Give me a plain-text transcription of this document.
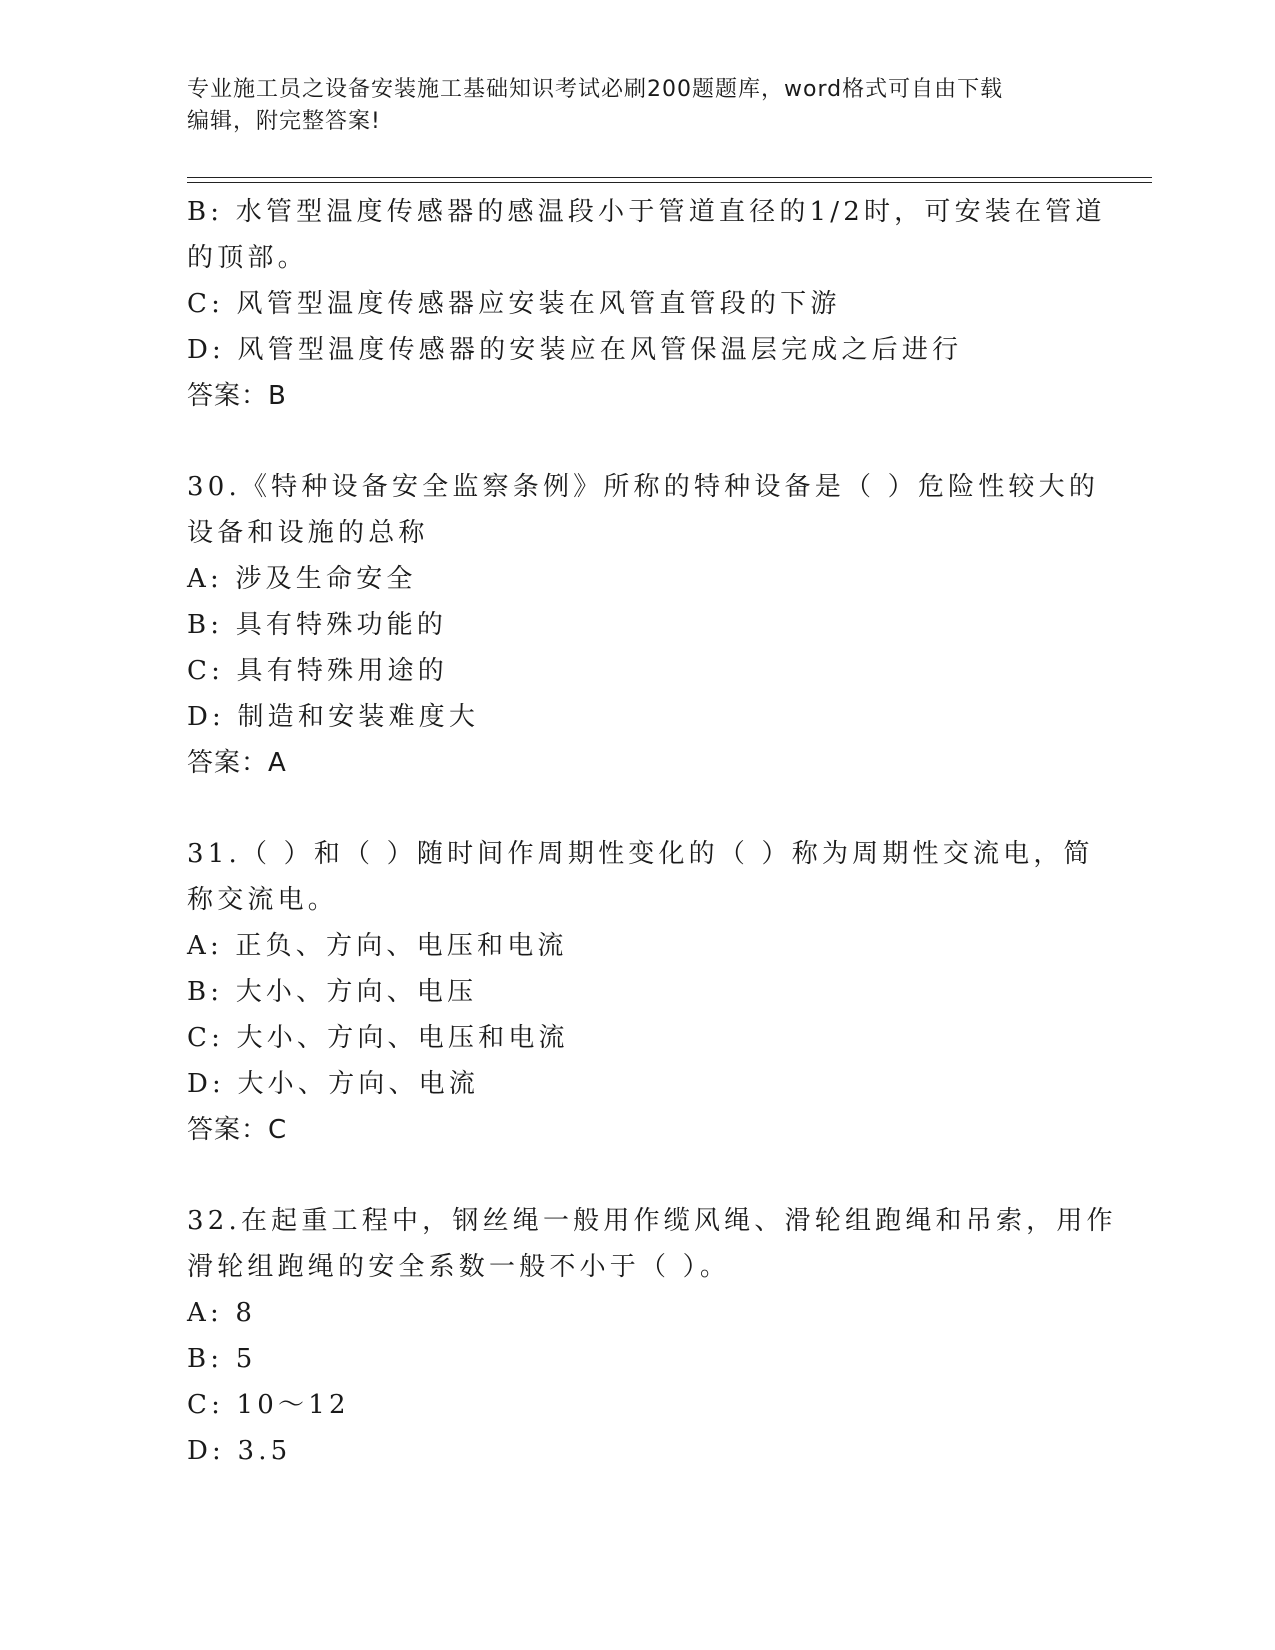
专业施工员之设备安装施工基础知识考试必刷200题题库，word格式可自由下载
编辑，附完整答案!

B: 水管型温度传感器的感温段小于管道直径的1/2时，可安装在管道

的顶部。

C: 风管型温度传感器应安装在风管直管段的下游

D: 风管型温度传感器的安装应在风管保温层完成之后进行

答案：B

30.《特种设备安全监察条例》所称的特种设备是（ ）危险性较大的

设备和设施的总称

A: 涉及生命安全

B: 具有特殊功能的

C: 具有特殊用途的

D: 制造和安装难度大

答案：A

31.（ ）和（ ）随时间作周期性变化的（ ）称为周期性交流电，简

称交流电。

A: 正负、方向、电压和电流

B: 大小、方向、电压

C: 大小、方向、电压和电流

D: 大小、方向、电流

答案：C

32.在起重工程中，钢丝绳一般用作缆风绳、滑轮组跑绳和吊索，用作

滑轮组跑绳的安全系数一般不小于（ ）。

A: 8

B: 5

C: 10～12

D: 3.5
